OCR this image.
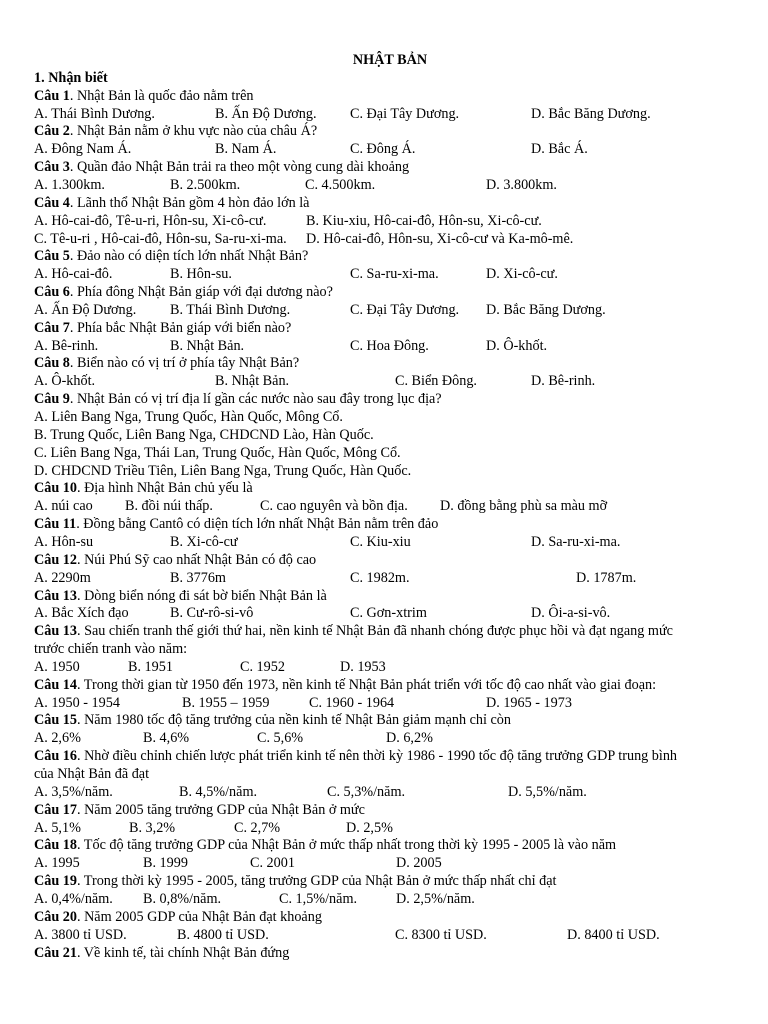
NHẬT BẢN
1. Nhận biết
Câu 1. Nhật Bản là quốc đảo nằm trên
A. Thái Bình Dương.	B. Ấn Độ Dương. C. Đại Tây Dương.	D. Bắc Băng Dương.
Câu 2. Nhật Bản nằm ở khu vực nào của châu Á?
A. Đông Nam Á.	B. Nam Á.	C. Đông Á.	D. Bắc Á.
Câu 3. Quần đảo Nhật Bản trải ra theo một vòng cung dài khoảng
A. 1.300km.	B. 2.500km.	C. 4.500km.	D. 3.800km.
Câu 4. Lãnh thổ Nhật Bản gồm 4 hòn đảo lớn là
A. Hô-cai-đô, Tê-u-ri, Hôn-su, Xi-cô-cư.	B. Kiu-xiu, Hô-cai-đô, Hôn-su, Xi-cô-cư.
C. Tê-u-ri , Hô-cai-đô, Hôn-su, Sa-ru-xi-ma. D. Hô-cai-đô, Hôn-su, Xi-cô-cư và Ka-mô-mê.
Câu 5. Đảo nào có diện tích lớn nhất Nhật Bản?
A. Hô-cai-đô.	B. Hôn-su.	C. Sa-ru-xi-ma.	D. Xi-cô-cư.
Câu 6. Phía đông Nhật Bản giáp với đại dương nào?
A. Ấn Độ Dương. B. Thái Bình Dương.	C. Đại Tây Dương. D. Bắc Băng Dương.
Câu 7. Phía bắc Nhật Bản giáp với biển nào?
A. Bê-rinh.	B. Nhật Bản.	C. Hoa Đông.	D. Ô-khốt.
Câu 8. Biển nào có vị trí ở phía tây Nhật Bản?
A. Ô-khốt.	B. Nhật Bản.	C. Biển Đông.	D. Bê-rinh.
Câu 9. Nhật Bản có vị trí địa lí gần các nước nào sau đây trong lục địa?
A. Liên Bang Nga, Trung Quốc, Hàn Quốc, Mông Cổ.
B. Trung Quốc, Liên Bang Nga, CHDCND Lào, Hàn Quốc.
C. Liên Bang Nga, Thái Lan, Trung Quốc, Hàn Quốc, Mông Cổ.
D. CHDCND Triều Tiên, Liên Bang Nga, Trung Quốc, Hàn Quốc.
Câu 10. Địa hình Nhật Bản chủ yếu là
A. núi cao B. đồi núi thấp.	C. cao nguyên và bồn địa. D. đồng bằng phù sa màu mỡ
Câu 11. Đồng bằng Cantô có diện tích lớn nhất Nhật Bản nằm trên đảo
A. Hôn-su	B. Xi-cô-cư	C. Kiu-xiu	D. Sa-ru-xi-ma.
Câu 12. Núi Phú Sỹ cao nhất Nhật Bản có độ cao
A. 2290m	B. 3776m	C. 1982m.	D. 1787m.
Câu 13. Dòng biển nóng đi sát bờ biển Nhật Bản là
A. Bắc Xích đạo	B. Cư-rô-si-vô	C. Gơn-xtrim	D. Ôi-a-si-vô.
Câu 13. Sau chiến tranh thế giới thứ hai, nền kinh tế Nhật Bản đã nhanh chóng được phục hồi và đạt ngang mức
trước chiến tranh vào năm:
A. 1950	B. 1951	C. 1952	D. 1953
Câu 14. Trong thời gian từ 1950 đến 1973, nền kinh tế Nhật Bản phát triển với tốc độ cao nhất vào giai đoạn:
A. 1950 - 1954	B. 1955 – 1959	C. 1960 - 1964	D. 1965 - 1973
Câu 15. Năm 1980 tốc độ tăng trưởng của nền kinh tế Nhật Bản giảm mạnh chỉ còn
A. 2,6%	B. 4,6%	C. 5,6%	D. 6,2%
Câu 16. Nhờ điều chỉnh chiến lược phát triển kinh tế nên thời kỳ 1986 - 1990 tốc độ tăng trưởng GDP trung bình
của Nhật Bản đã đạt
A. 3,5%/năm.	B. 4,5%/năm.	C. 5,3%/năm.	D. 5,5%/năm.
Câu 17. Năm 2005 tăng trưởng GDP của Nhật Bản ở mức
A. 5,1%	B. 3,2%	C. 2,7%	D. 2,5%
Câu 18. Tốc độ tăng trưởng GDP của Nhật Bản ở mức thấp nhất trong thời kỳ 1995 - 2005 là vào năm
A. 1995	B. 1999	C. 2001	D. 2005
Câu 19. Trong thời kỳ 1995 - 2005, tăng trưởng GDP của Nhật Bản ở mức thấp nhất chỉ đạt
A. 0,4%/năm. B. 0,8%/năm.	C. 1,5%/năm.	D. 2,5%/năm.
Câu 20. Năm 2005 GDP của Nhật Bản đạt khoảng
A. 3800 tỉ USD.	B. 4800 tỉ USD.	C. 8300 tỉ USD.	D. 8400 tỉ USD.
Câu 21. Về kinh tế, tài chính Nhật Bản đứng
